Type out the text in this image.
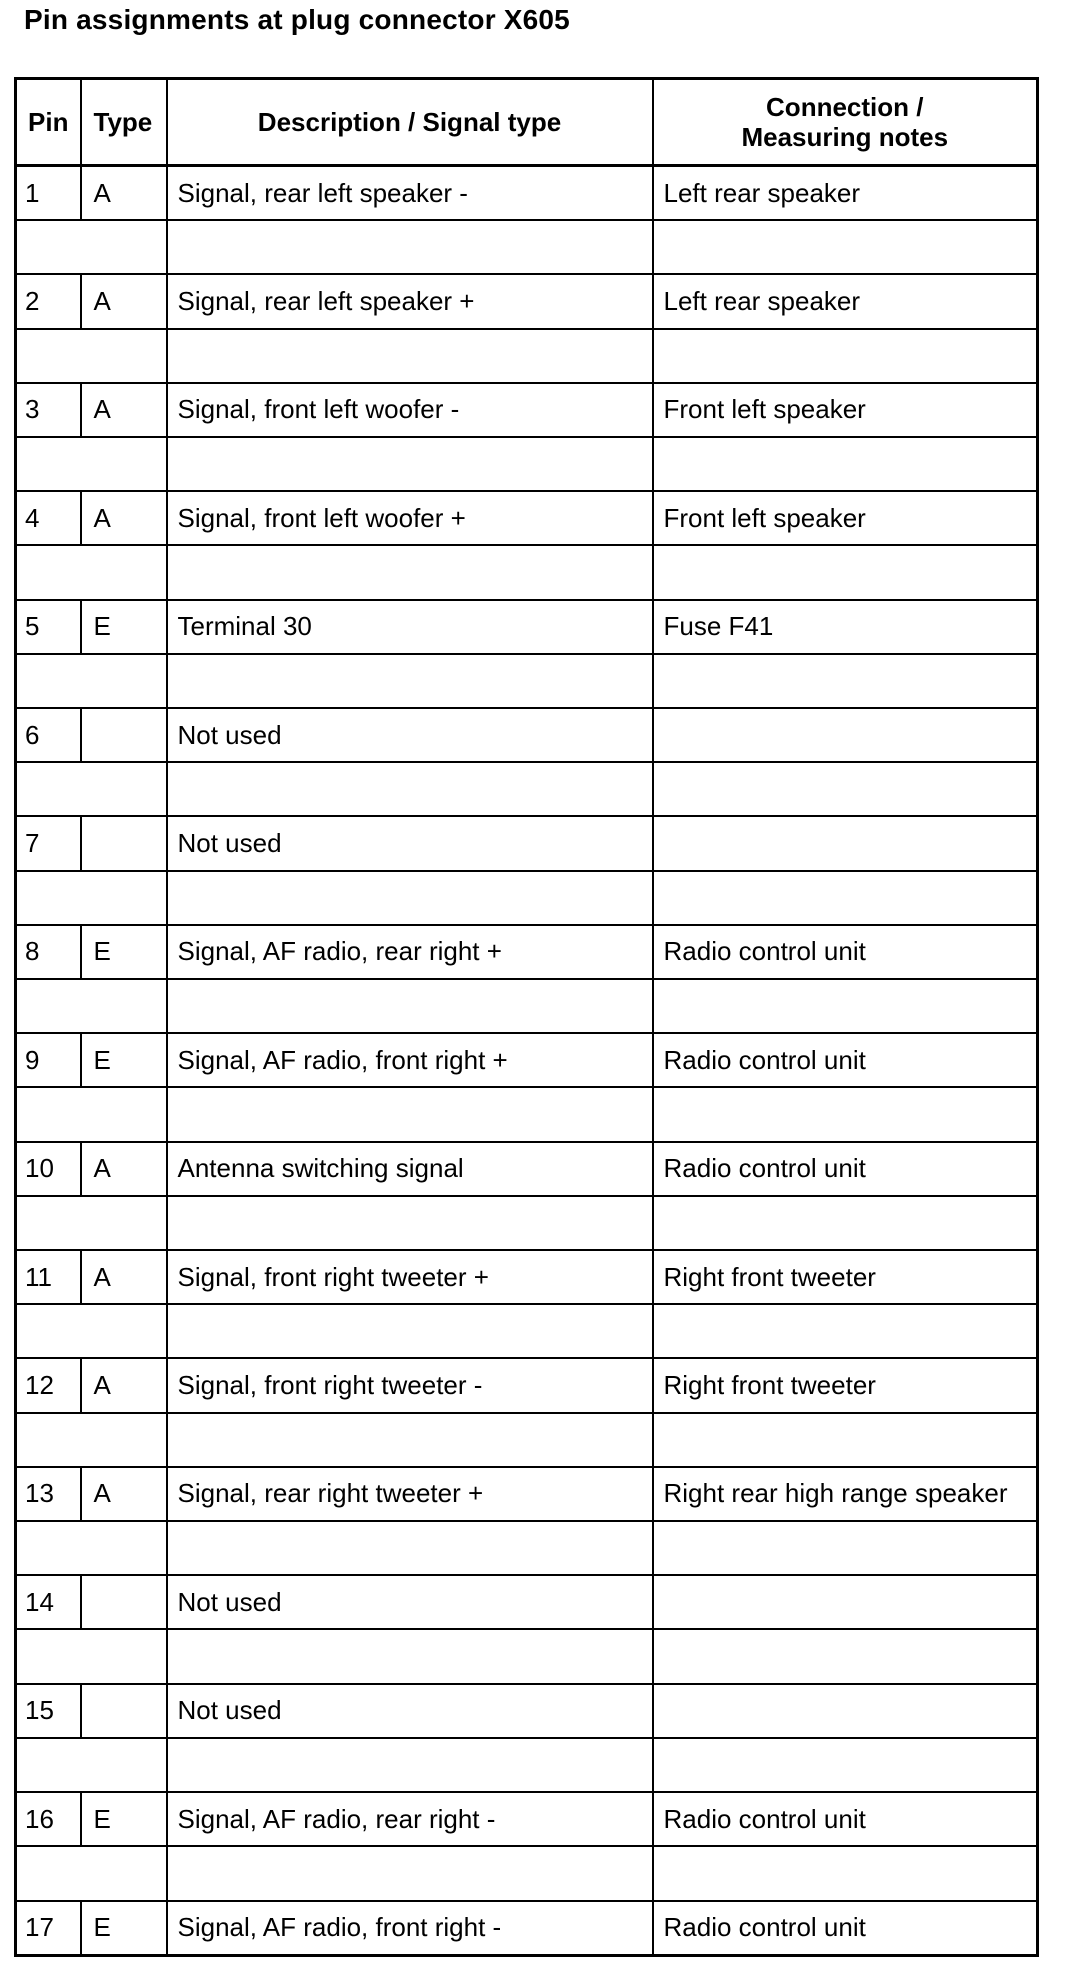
Pin assignments at plug connector X605
Pin	Type	Description / Signal type	Connection /
Measuring notes
1	A	Signal, rear left speaker -	Left rear speaker

2	A	Signal, rear left speaker +	Left rear speaker

3	A	Signal, front left woofer -	Front left speaker

4	A	Signal, front left woofer +	Front left speaker

5	E	Terminal 30	Fuse F41

6		Not used	

7		Not used	

8	E	Signal, AF radio, rear right +	Radio control unit

9	E	Signal, AF radio, front right +	Radio control unit

10	A	Antenna switching signal	Radio control unit

11	A	Signal, front right tweeter +	Right front tweeter

12	A	Signal, front right tweeter -	Right front tweeter

13	A	Signal, rear right tweeter +	Right rear high range speaker

14		Not used	

15		Not used	

16	E	Signal, AF radio, rear right -	Radio control unit

17	E	Signal, AF radio, front right -	Radio control unit
